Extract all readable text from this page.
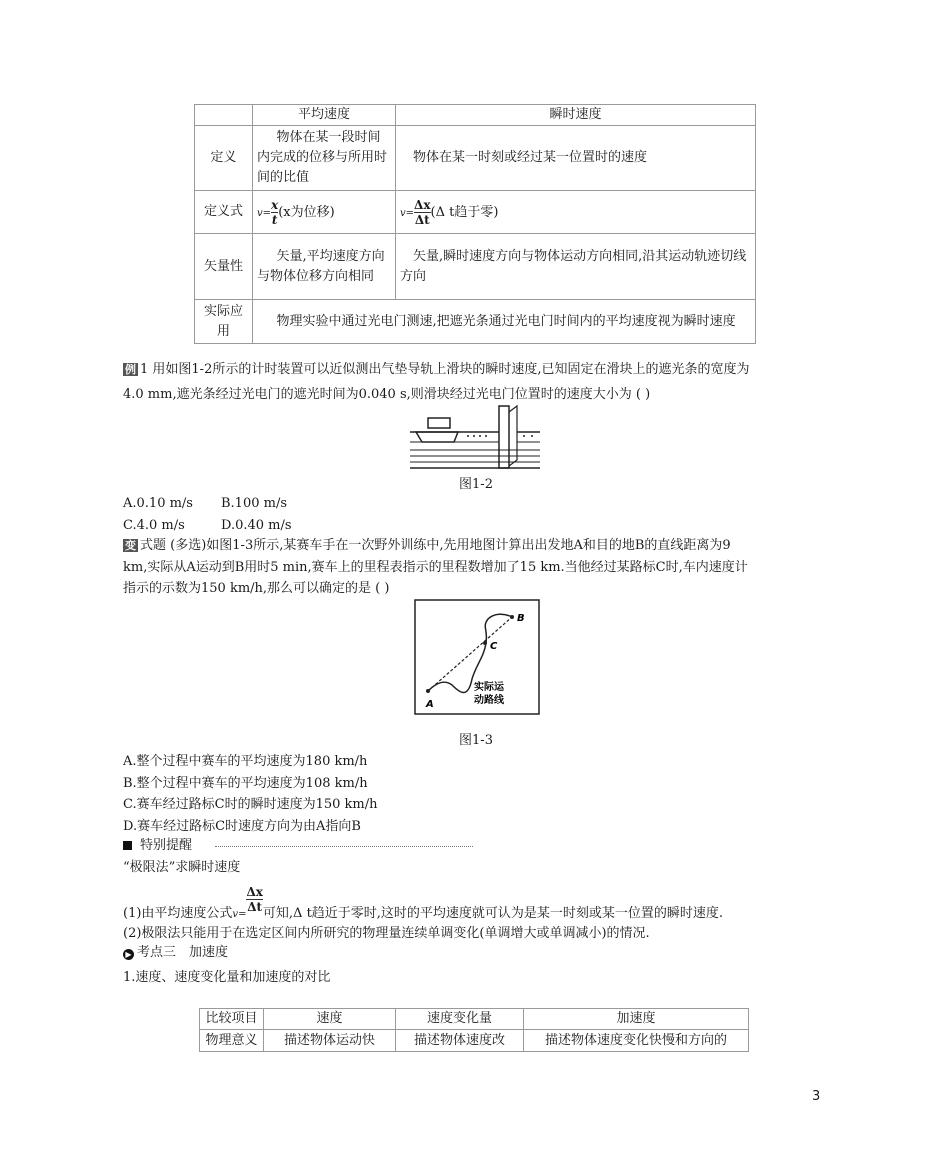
	平均速度	瞬时速度
定义	物体在某一段时间内完成的位移与所用时间的比值	物体在某一时刻或经过某一位置时的速度
定义式	$v= \frac{x}{t} (x$为位移)	$v= \frac{\Delta x}{\Delta t} (\Delta$ t趋于零)
矢量性	矢量,平均速度方向与物体位移方向相同	矢量,瞬时速度方向与物体运动方向相同,沿其运动轨迹切线方向
实际应用	物理实验中通过光电门测速,把遮光条通过光电门时间内的平均速度视为瞬时速度	
例 1 用如图1-2所示的计时装置可以近似测出气垫导轨上滑块的瞬时速度,已知固定在滑块上的遮光条的宽度为
4.0 mm,遮光条经过光电门的遮光时间为0.040 s,则滑块经过光电门位置时的速度大小为 ( )
图1-2
A.0.10 m/s B.100 m/s
C.4.0 m/s	D.0.40 m/s
变 式题 (多选)如图1-3所示,某赛车手在一次野外训练中,先用地图计算出出发地A和目的地B的直线距离为9
km,实际从A运动到B用时5 min,赛车上的里程表指示的里程数增加了15 km.当他经过某路标C时,车内速度计
指示的示数为150 km/h,那么可以确定的是 ( )
A
B
C
实际运
动路线
图1-3
A.整个过程中赛车的平均速度为180 km/h
B.整个过程中赛车的平均速度为108 km/h
C.赛车经过路标C时的瞬时速度为150 km/h
D.赛车经过路标C时速度方向为由A指向B
特别提醒
“极限法”求瞬时速度
(1)由平均速度公式v=
$\frac{\Delta x}{\Delta t}$ 可知,Δ t趋近于零时,这时的平均速度就可认为是某一时刻或某一位置的瞬时速度.
(2)极限法只能用于在选定区间内所研究的物理量连续单调变化(单调增大或单调减小)的情况.
▶ 考点三　加速度
1.速度、速度变化量和加速度的对比
比较项目	速度	速度变化量	加速度
物理意义	描述物体运动快	描述物体速度改	描述物体速度变化快慢和方向的
3
